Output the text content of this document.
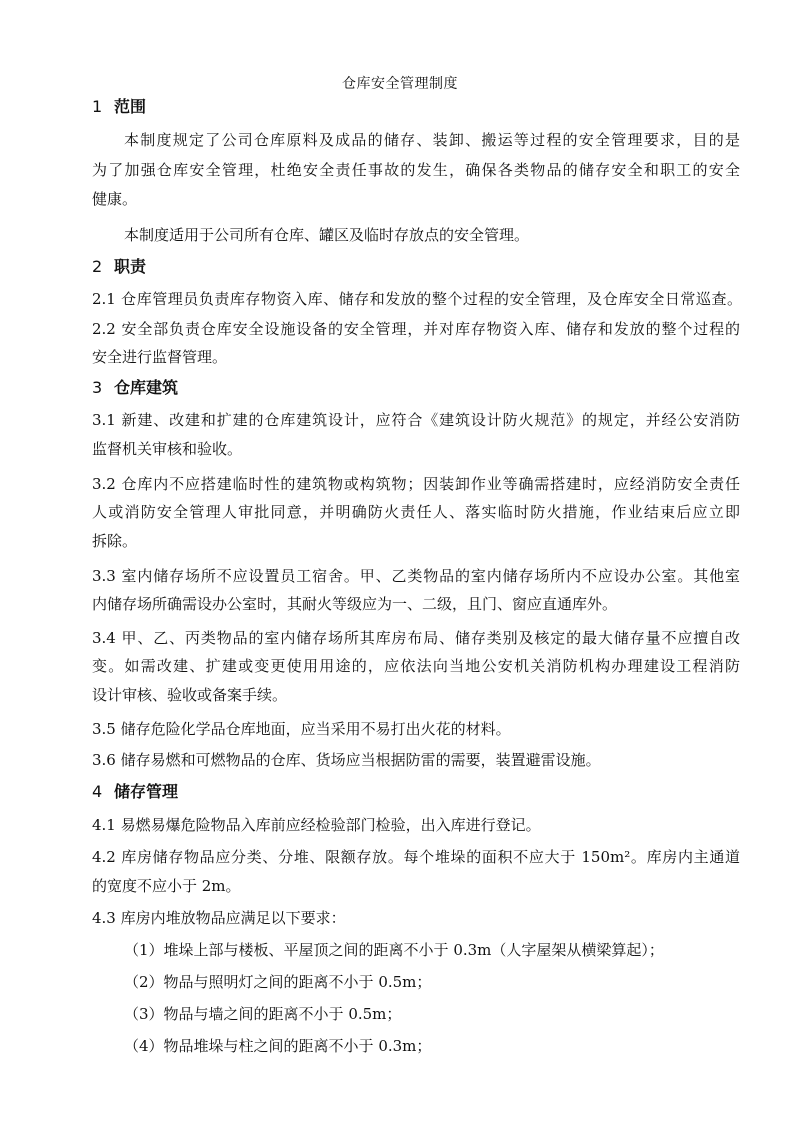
仓库安全管理制度
1 范围
本制度规定了公司仓库原料及成品的储存、装卸、搬运等过程的安全管理要求，目的是
为了加强仓库安全管理，杜绝安全责任事故的发生，确保各类物品的储存安全和职工的安全
健康。
本制度适用于公司所有仓库、罐区及临时存放点的安全管理。
2 职责
2.1 仓库管理员负责库存物资入库、储存和发放的整个过程的安全管理，及仓库安全日常巡查。
2.2 安全部负责仓库安全设施设备的安全管理，并对库存物资入库、储存和发放的整个过程的
安全进行监督管理。
3 仓库建筑
3.1 新建、改建和扩建的仓库建筑设计，应符合《建筑设计防火规范》的规定，并经公安消防
监督机关审核和验收。
3.2 仓库内不应搭建临时性的建筑物或构筑物；因装卸作业等确需搭建时，应经消防安全责任
人或消防安全管理人审批同意，并明确防火责任人、落实临时防火措施，作业结束后应立即
拆除。
3.3 室内储存场所不应设置员工宿舍。甲、乙类物品的室内储存场所内不应设办公室。其他室
内储存场所确需设办公室时，其耐火等级应为一、二级，且门、窗应直通库外。
3.4 甲、乙、丙类物品的室内储存场所其库房布局、储存类别及核定的最大储存量不应擅自改
变。如需改建、扩建或变更使用用途的，应依法向当地公安机关消防机构办理建设工程消防
设计审核、验收或备案手续。
3.5 储存危险化学品仓库地面，应当采用不易打出火花的材料。
3.6 储存易燃和可燃物品的仓库、货场应当根据防雷的需要，装置避雷设施。
4 储存管理
4.1 易燃易爆危险物品入库前应经检验部门检验，出入库进行登记。
4.2 库房储存物品应分类、分堆、限额存放。每个堆垛的面积不应大于 150m²。库房内主通道
的宽度不应小于 2m。
4.3 库房内堆放物品应满足以下要求：
（1）堆垛上部与楼板、平屋顶之间的距离不小于 0.3m（人字屋架从横梁算起）；
（2）物品与照明灯之间的距离不小于 0.5m；
（3）物品与墙之间的距离不小于 0.5m；
（4）物品堆垛与柱之间的距离不小于 0.3m；
